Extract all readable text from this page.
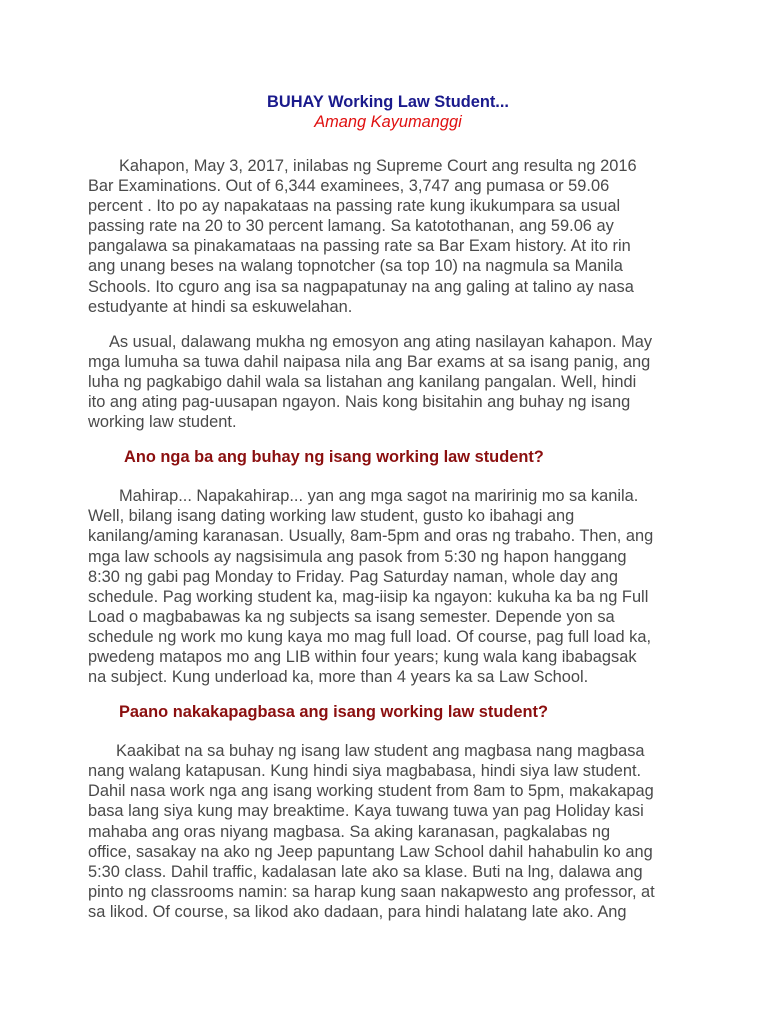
BUHAY Working Law Student...
Amang Kayumanggi
Kahapon, May 3, 2017, inilabas ng Supreme Court ang resulta ng 2016
Bar Examinations. Out of 6,344 examinees, 3,747 ang pumasa or 59.06
percent . Ito po ay napakataas na passing rate kung ikukumpara sa usual
passing rate na 20 to 30 percent lamang. Sa katotothanan, ang 59.06 ay
pangalawa sa pinakamataas na passing rate sa Bar Exam history. At ito rin
ang unang beses na walang topnotcher (sa top 10) na nagmula sa Manila
Schools. Ito cguro ang isa sa nagpapatunay na ang galing at talino ay nasa
estudyante at hindi sa eskuwelahan.
As usual, dalawang mukha ng emosyon ang ating nasilayan kahapon. May
mga lumuha sa tuwa dahil naipasa nila ang Bar exams at sa isang panig, ang
luha ng pagkabigo dahil wala sa listahan ang kanilang pangalan. Well, hindi
ito ang ating pag-uusapan ngayon. Nais kong bisitahin ang buhay ng isang
working law student.
Ano nga ba ang buhay ng isang working law student?
Mahirap... Napakahirap... yan ang mga sagot na maririnig mo sa kanila.
Well, bilang isang dating working law student, gusto ko ibahagi ang
kanilang/aming karanasan. Usually, 8am-5pm and oras ng trabaho. Then, ang
mga law schools ay nagsisimula ang pasok from 5:30 ng hapon hanggang
8:30 ng gabi pag Monday to Friday. Pag Saturday naman, whole day ang
schedule. Pag working student ka, mag-iisip ka ngayon: kukuha ka ba ng Full
Load o magbabawas ka ng subjects sa isang semester. Depende yon sa
schedule ng work mo kung kaya mo mag full load. Of course, pag full load ka,
pwedeng matapos mo ang LIB within four years; kung wala kang ibabagsak
na subject. Kung underload ka, more than 4 years ka sa Law School.
Paano nakakapagbasa ang isang working law student?
Kaakibat na sa buhay ng isang law student ang magbasa nang magbasa
nang walang katapusan. Kung hindi siya magbabasa, hindi siya law student.
Dahil nasa work nga ang isang working student from 8am to 5pm, makakapag
basa lang siya kung may breaktime. Kaya tuwang tuwa yan pag Holiday kasi
mahaba ang oras niyang magbasa. Sa aking karanasan, pagkalabas ng
office, sasakay na ako ng Jeep papuntang Law School dahil hahabulin ko ang
5:30 class. Dahil traffic, kadalasan late ako sa klase. Buti na lng, dalawa ang
pinto ng classrooms namin: sa harap kung saan nakapwesto ang professor, at
sa likod. Of course, sa likod ako dadaan, para hindi halatang late ako. Ang
